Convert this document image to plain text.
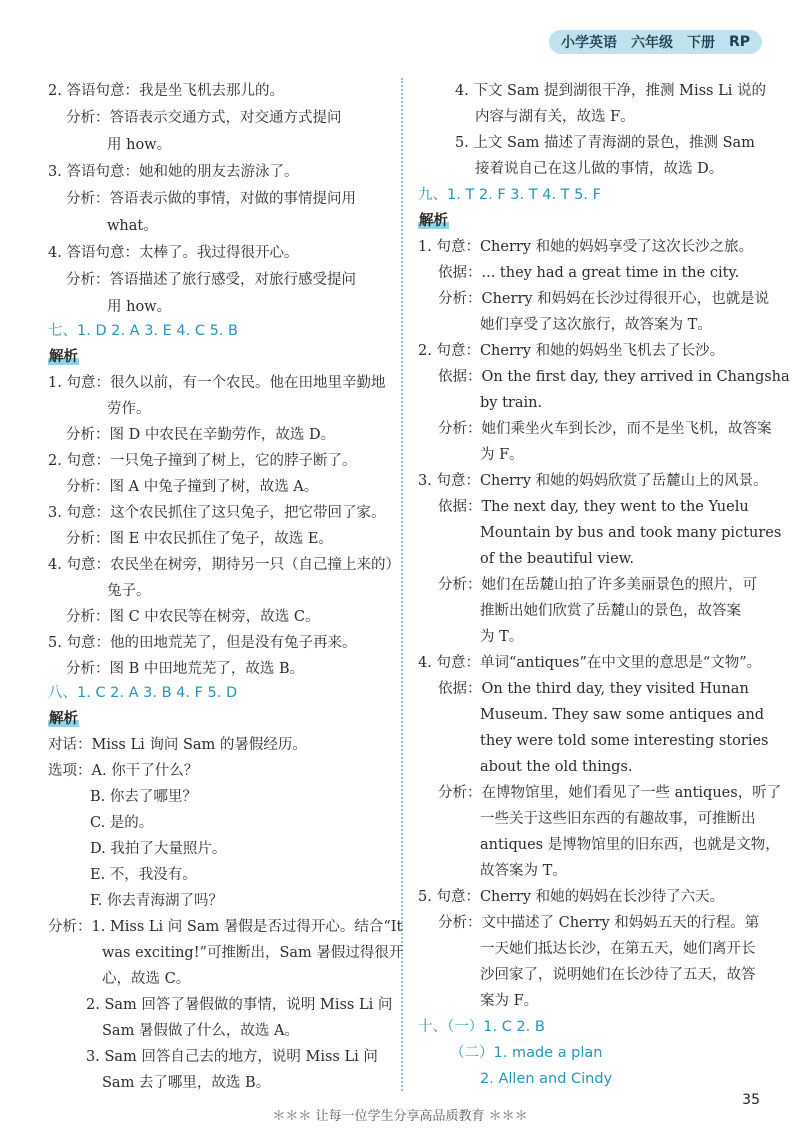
小学英语 六年级 下册 RP
2. 答语句意：我是坐飞机去那儿的。
分析：答语表示交通方式，对交通方式提问
用 how。
3. 答语句意：她和她的朋友去游泳了。
分析：答语表示做的事情，对做的事情提问用
what。
4. 答语句意：太棒了。我过得很开心。
分析：答语描述了旅行感受，对旅行感受提问
用 how。
七、1. D 2. A 3. E 4. C 5. B
解析
1. 句意：很久以前，有一个农民。他在田地里辛勤地
劳作。
分析：图 D 中农民在辛勤劳作，故选 D。
2. 句意：一只兔子撞到了树上，它的脖子断了。
分析：图 A 中兔子撞到了树，故选 A。
3. 句意：这个农民抓住了这只兔子，把它带回了家。
分析：图 E 中农民抓住了兔子，故选 E。
4. 句意：农民坐在树旁，期待另一只（自己撞上来的）
兔子。
分析：图 C 中农民等在树旁，故选 C。
5. 句意：他的田地荒芜了，但是没有兔子再来。
分析：图 B 中田地荒芜了，故选 B。
八、1. C 2. A 3. B 4. F 5. D
解析
对话：Miss Li 询问 Sam 的暑假经历。
选项：A. 你干了什么？
B. 你去了哪里？
C. 是的。
D. 我拍了大量照片。
E. 不，我没有。
F. 你去青海湖了吗？
分析：1. Miss Li 问 Sam 暑假是否过得开心。结合“It
was exciting!”可推断出，Sam 暑假过得很开
心，故选 C。
2. Sam 回答了暑假做的事情，说明 Miss Li 问
Sam 暑假做了什么，故选 A。
3. Sam 回答自己去的地方，说明 Miss Li 问
Sam 去了哪里，故选 B。
4. 下文 Sam 提到湖很干净，推测 Miss Li 说的
内容与湖有关，故选 F。
5. 上文 Sam 描述了青海湖的景色，推测 Sam
接着说自己在这儿做的事情，故选 D。
九、1. T 2. F 3. T 4. T 5. F
解析
1. 句意：Cherry 和她的妈妈享受了这次长沙之旅。
依据：... they had a great time in the city.
分析：Cherry 和妈妈在长沙过得很开心，也就是说
她们享受了这次旅行，故答案为 T。
2. 句意：Cherry 和她的妈妈坐飞机去了长沙。
依据：On the first day, they arrived in Changsha
by train.
分析：她们乘坐火车到长沙，而不是坐飞机，故答案
为 F。
3. 句意：Cherry 和她的妈妈欣赏了岳麓山上的风景。
依据：The next day, they went to the Yuelu
Mountain by bus and took many pictures
of the beautiful view.
分析：她们在岳麓山拍了许多美丽景色的照片，可
推断出她们欣赏了岳麓山的景色，故答案
为 T。
4. 句意：单词“antiques”在中文里的意思是“文物”。
依据：On the third day, they visited Hunan
Museum. They saw some antiques and
they were told some interesting stories
about the old things.
分析：在博物馆里，她们看见了一些 antiques，听了
一些关于这些旧东西的有趣故事，可推断出
antiques 是博物馆里的旧东西，也就是文物，
故答案为 T。
5. 句意：Cherry 和她的妈妈在长沙待了六天。
分析：文中描述了 Cherry 和妈妈五天的行程。第
一天她们抵达长沙，在第五天，她们离开长
沙回家了，说明她们在长沙待了五天，故答
案为 F。
十、（一）1. C 2. B
（二）1. made a plan
2. Allen and Cindy
35
＊＊＊ 让每一位学生分享高品质教育 ＊＊＊
